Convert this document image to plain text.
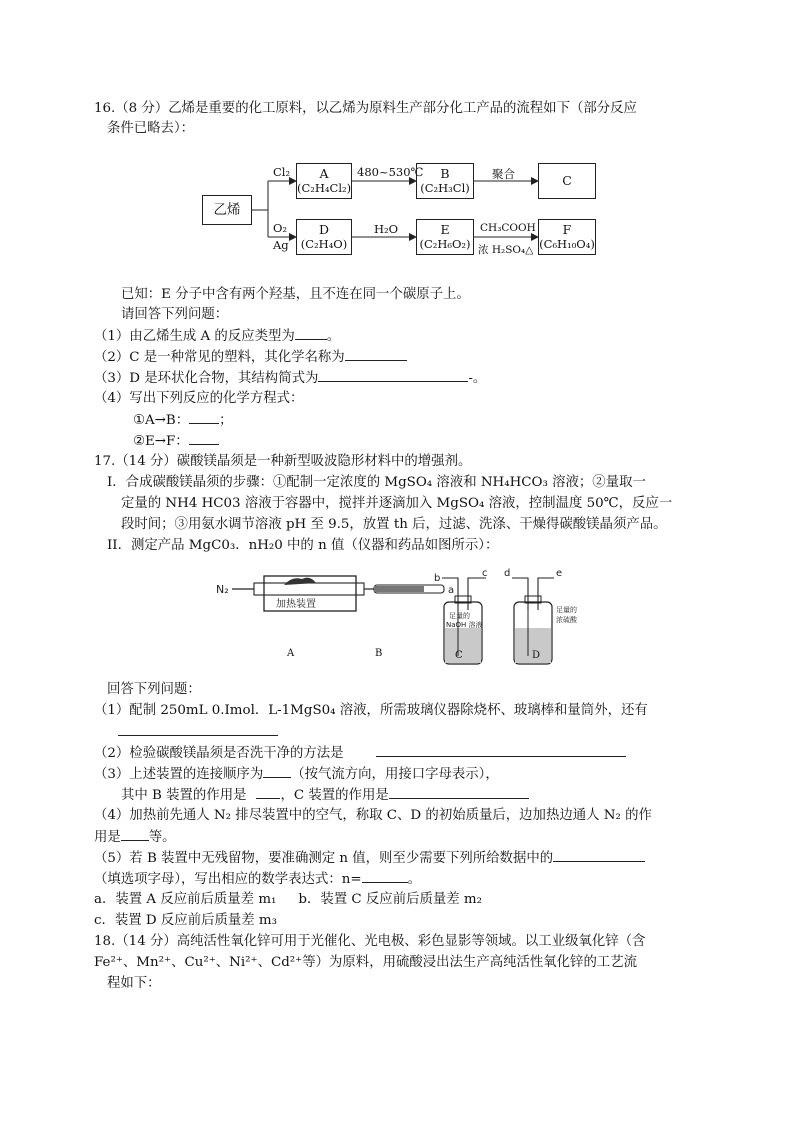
16.（8 分）乙烯是重要的化工原料，以乙烯为原料生产部分化工产品的流程如下（部分反应
条件已略去）：
乙烯
Cl₂
O₂
Ag
A
(C₂H₄Cl₂)
480~530℃	B
(C₂H₃Cl)
聚合	C
D
(C₂H₄O)
H₂O	E
(C₂H₆O₂)
CH₃COOH
浓 H₂SO₄△
F
(C₆H₁₀O₄)
已知：E 分子中含有两个羟基，且不连在同一个碳原子上。
请回答下列问题：
（1）由乙烯生成 A 的反应类型为 。
（2）C 是一种常见的塑料，其化学名称为
（3）D 是环状化合物，其结构简式为	-。
（4）写出下列反应的化学方程式：
①A→B： ；
②E→F：
17.（14 分）碳酸镁晶须是一种新型吸波隐形材料中的增强剂。
I．合成碳酸镁晶须的步骤：①配制一定浓度的 MgSO₄ 溶液和 NH₄HCO₃ 溶液；②量取一
定量的 NH4 HC03 溶液于容器中，搅拌并逐滴加入 MgSO₄ 溶液，控制温度 50℃，反应一
段时间；③用氨水调节溶液 pH 至 9.5，放置 th 后，过滤、洗涤、干燥得碳酸镁晶须产品。
II．测定产品 MgC0₃．nH₂0 中的 n 值（仪器和药品如图所示）：
N₂
加热装置
a
b	c
足量的
NaOH 溶液
d	e
足量的
浓硫酸
A	B	C	D
回答下列问题：
（1）配制 250mL 0.Imol．L-1MgS0₄ 溶液，所需玻璃仪器除烧杯、玻璃棒和量筒外，还有
（2）检验碳酸镁晶须是否洗干净的方法是
（3）上述装置的连接顺序为 （按气流方向，用接口字母表示），
其中 B 装置的作用是	，C 装置的作用是
（4）加热前先通人 N₂ 排尽装置中的空气，称取 C、D 的初始质量后，边加热边通人 N₂ 的作
用是 等。
（5）若 B 装置中无残留物，要准确测定 n 值，则至少需要下列所给数据中的
（填选项字母），写出相应的数学表达式：n=	。
a．装置 A 反应前后质量差 m₁ b．装置 C 反应前后质量差 m₂
c．装置 D 反应前后质量差 m₃
18.（14 分）高纯活性氧化锌可用于光催化、光电极、彩色显影等领域。以工业级氧化锌（含
Fe²⁺、Mn²⁺、Cu²⁺、Ni²⁺、Cd²⁺等）为原料，用硫酸浸出法生产高纯活性氧化锌的工艺流
程如下：
